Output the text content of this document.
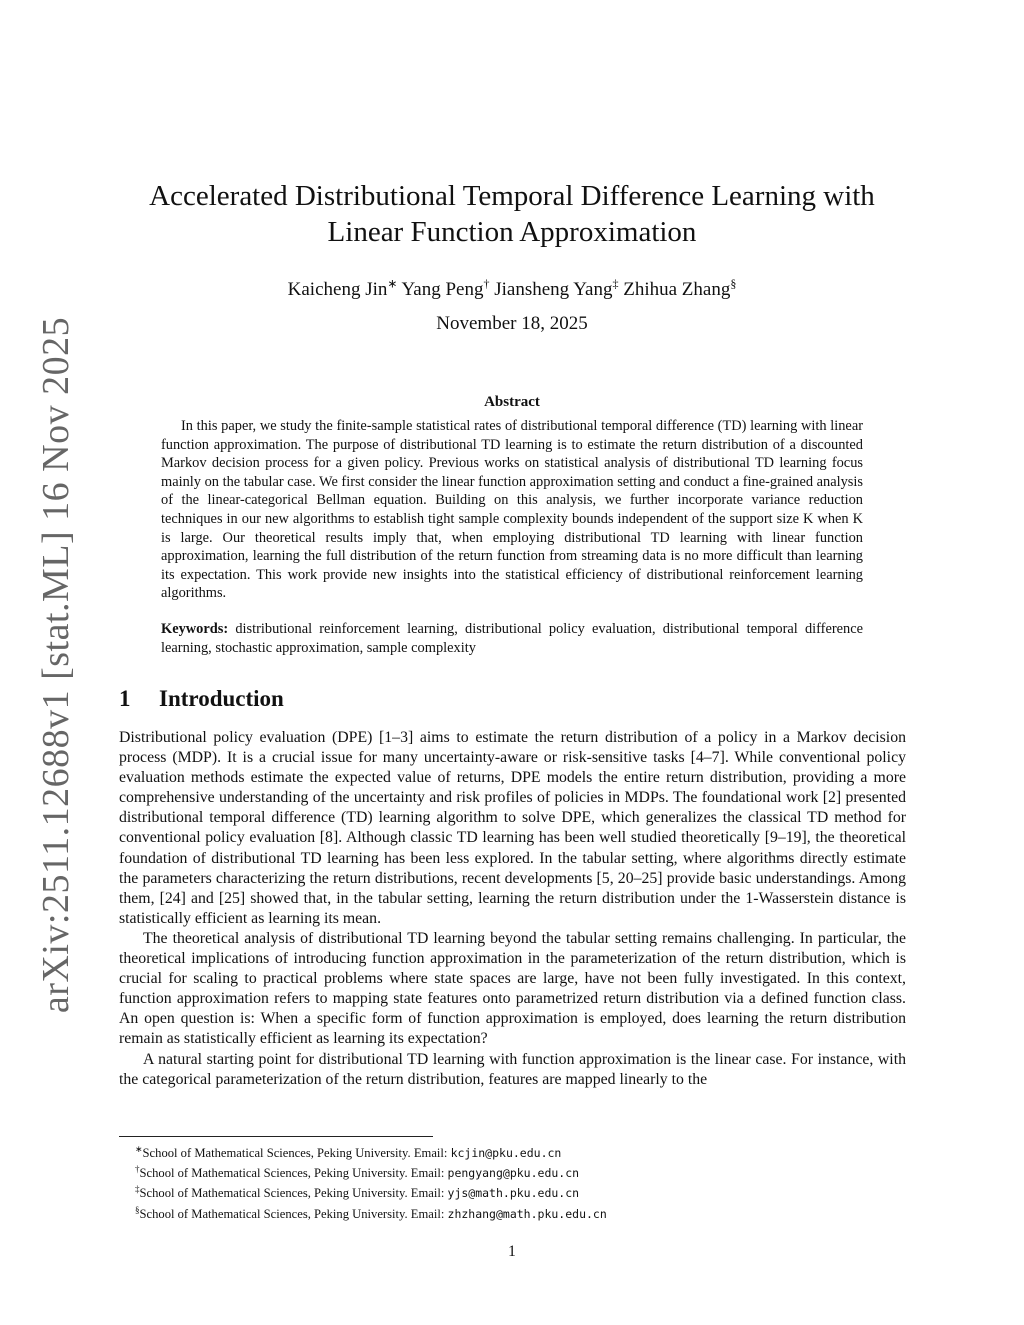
arXiv:2511.12688v1 [stat.ML] 16 Nov 2025
Accelerated Distributional Temporal Difference Learning with Linear Function Approximation
Kaicheng Jin∗ Yang Peng† Jiansheng Yang‡ Zhihua Zhang§
November 18, 2025
Abstract
In this paper, we study the finite-sample statistical rates of distributional temporal difference (TD) learning with linear function approximation. The purpose of distributional TD learning is to estimate the return distribution of a discounted Markov decision process for a given policy. Previous works on statistical analysis of distributional TD learning focus mainly on the tabular case. We first consider the linear function approximation setting and conduct a fine-grained analysis of the linear-categorical Bellman equation. Building on this analysis, we further incorporate variance reduction techniques in our new algorithms to establish tight sample complexity bounds independent of the support size K when K is large. Our theoretical results imply that, when employing distributional TD learning with linear function approximation, learning the full distribution of the return function from streaming data is no more difficult than learning its expectation. This work provide new insights into the statistical efficiency of distributional reinforcement learning algorithms.
Keywords: distributional reinforcement learning, distributional policy evaluation, distributional temporal difference learning, stochastic approximation, sample complexity
1 Introduction

Distributional policy evaluation (DPE) [1–3] aims to estimate the return distribution of a policy in a Markov decision process (MDP). It is a crucial issue for many uncertainty-aware or risk-sensitive tasks [4–7]. While conventional policy evaluation methods estimate the expected value of returns, DPE models the entire return distribution, providing a more comprehensive understanding of the uncertainty and risk profiles of policies in MDPs. The foundational work [2] presented distributional temporal difference (TD) learning algorithm to solve DPE, which generalizes the classical TD method for conventional policy evaluation [8]. Although classic TD learning has been well studied theoretically [9–19], the theoretical foundation of distributional TD learning has been less explored. In the tabular setting, where algorithms directly estimate the parameters characterizing the return distributions, recent developments [5, 20–25] provide basic understandings. Among them, [24] and [25] showed that, in the tabular setting, learning the return distribution under the 1-Wasserstein distance is statistically efficient as learning its mean.

The theoretical analysis of distributional TD learning beyond the tabular setting remains challenging. In particular, the theoretical implications of introducing function approximation in the parameterization of the return distribution, which is crucial for scaling to practical problems where state spaces are large, have not been fully investigated. In this context, function approximation refers to mapping state features onto parametrized return distribution via a defined function class. An open question is: When a specific form of function approximation is employed, does learning the return distribution remain as statistically efficient as learning its expectation?

A natural starting point for distributional TD learning with function approximation is the linear case. For instance, with the categorical parameterization of the return distribution, features are mapped linearly to the

∗School of Mathematical Sciences, Peking University. Email: kcjin@pku.edu.cn
†School of Mathematical Sciences, Peking University. Email: pengyang@pku.edu.cn
‡School of Mathematical Sciences, Peking University. Email: yjs@math.pku.edu.cn
§School of Mathematical Sciences, Peking University. Email: zhzhang@math.pku.edu.cn
1
